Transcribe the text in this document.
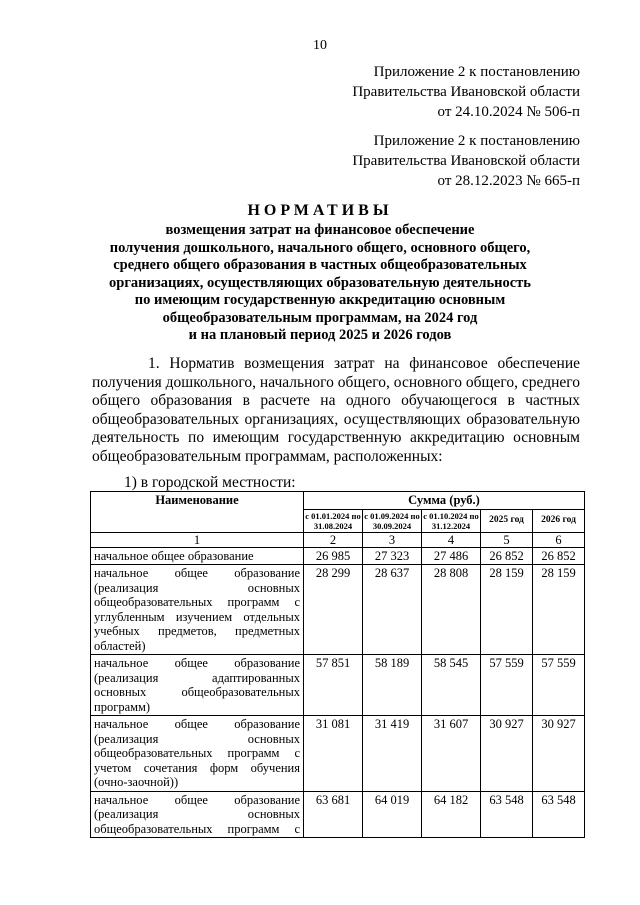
10
Приложение 2 к постановлению
Правительства Ивановской области
от 24.10.2024 № 506-п
Приложение 2 к постановлению
Правительства Ивановской области
от 28.12.2023 № 665-п
НОРМАТИВЫ
возмещения затрат на финансовое обеспечение
получения дошкольного, начального общего, основного общего,
среднего общего образования в частных общеобразовательных
организациях, осуществляющих образовательную деятельность
по имеющим государственную аккредитацию основным
общеобразовательным программам, на 2024 год
и на плановый период 2025 и 2026 годов
1. Норматив возмещения затрат на финансовое обеспечение получения дошкольного, начального общего, основного общего, среднего общего образования в расчете на одного обучающегося в частных общеобразовательных организациях, осуществляющих образовательную деятельность по имеющим государственную аккредитацию основным общеобразовательным программам, расположенных:
1) в городской местности:
Наименование	Сумма (руб.)				
	с 01.01.2024 по 31.08.2024	с 01.09.2024 по 30.09.2024	с 01.10.2024 по 31.12.2024	2025 год	2026 год
1	2	3	4	5	6
начальное общее образование	26 985	27 323	27 486	26 852	26 852
начальное общее образование (реализация основных общеобразовательных программ с углубленным изучением отдельных учебных предметов, предметных областей)	28 299	28 637	28 808	28 159	28 159
начальное общее образование (реализация адаптированных основных общеобразовательных программ)	57 851	58 189	58 545	57 559	57 559
начальное общее образование (реализация основных общеобразовательных программ с учетом сочетания форм обучения (очно-заочной))	31 081	31 419	31 607	30 927	30 927
начальное общее образование (реализация основных общеобразовательных программ с	63 681	64 019	64 182	63 548	63 548
